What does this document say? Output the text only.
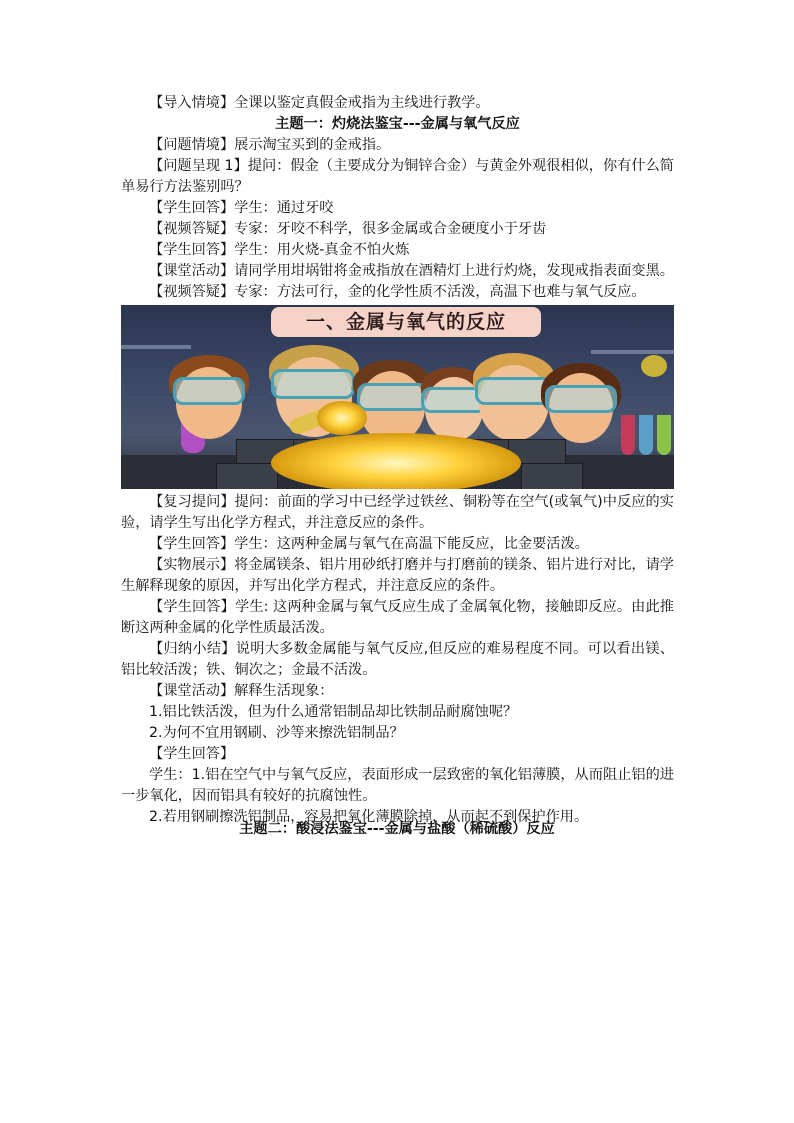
【导入情境】全课以鉴定真假金戒指为主线进行教学。

主题一：灼烧法鉴宝---金属与氧气反应

【问题情境】展示淘宝买到的金戒指。

【问题呈现 1】提问：假金（主要成分为铜锌合金）与黄金外观很相似，你有什么简单易行方法鉴别吗？

【学生回答】学生：通过牙咬

【视频答疑】专家：牙咬不科学，很多金属或合金硬度小于牙齿

【学生回答】学生：用火烧-真金不怕火炼

【课堂活动】请同学用坩埚钳将金戒指放在酒精灯上进行灼烧，发现戒指表面变黑。

【视频答疑】专家：方法可行，金的化学性质不活泼，高温下也难与氧气反应。

一、金属与氧气的反应

【复习提问】提问：前面的学习中已经学过铁丝、铜粉等在空气(或氧气)中反应的实验，请学生写出化学方程式，并注意反应的条件。

【学生回答】学生：这两种金属与氧气在高温下能反应，比金要活泼。

【实物展示】将金属镁条、铝片用砂纸打磨并与打磨前的镁条、铝片进行对比，请学生解释现象的原因，并写出化学方程式，并注意反应的条件。

【学生回答】学生: 这两种金属与氧气反应生成了金属氧化物，接触即反应。由此推断这两种金属的化学性质最活泼。

【归纳小结】说明大多数金属能与氧气反应,但反应的难易程度不同。可以看出镁、铝比较活泼；铁、铜次之；金最不活泼。

【课堂活动】解释生活现象：

1.铝比铁活泼，但为什么通常铝制品却比铁制品耐腐蚀呢？

2.为何不宜用钢刷、沙等来擦洗铝制品？

【学生回答】

学生：1.铝在空气中与氧气反应，表面形成一层致密的氧化铝薄膜，从而阻止铝的进一步氧化，因而铝具有较好的抗腐蚀性。

2.若用钢刷擦洗铝制品，容易把氧化薄膜除掉，从而起不到保护作用。

主题二：酸浸法鉴宝---金属与盐酸（稀硫酸）反应
